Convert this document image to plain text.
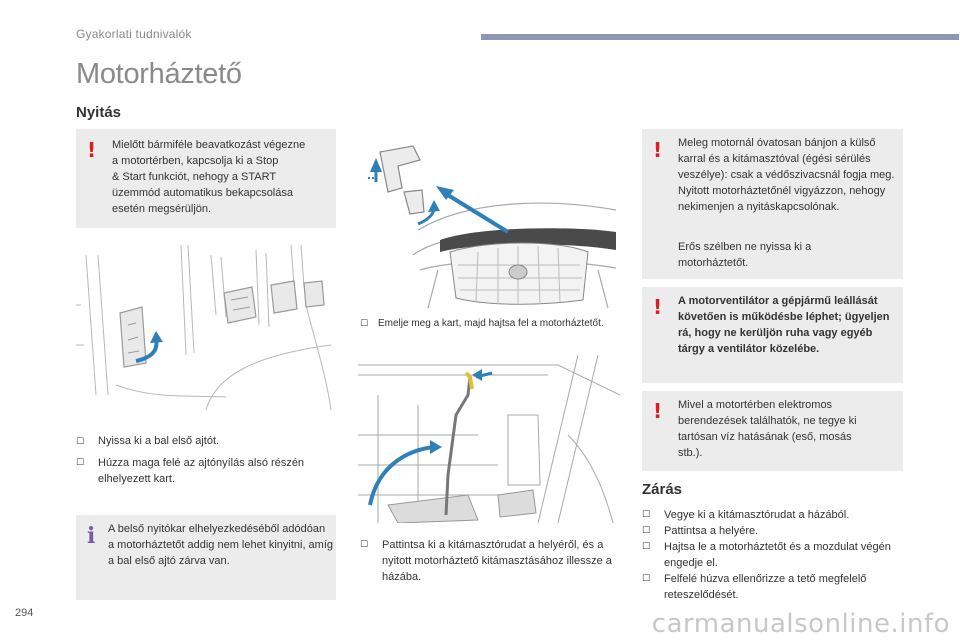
Gyakorlati tudnivalók
Motorháztető
Nyitás
! Mielőtt bármiféle beavatkozást végezne
a motortérben, kapcsolja ki a Stop
& Start funkciót, nehogy a START
üzemmód automatikus bekapcsolása
esetén megsérüljön.
☐ Nyissa ki a bal első ajtót.
☐	Húzza maga felé az ajtónyílás alsó részén elhelyezett kart.
i A belső nyitókar elhelyezkedéséből adódóan a motorháztetőt addig nem lehet kinyitni, amíg a bal első ajtó zárva van.
☐ Emelje meg a kart, majd hajtsa fel a motorháztetőt.
☐	Pattintsa ki a kitámasztórudat a helyéről, és a nyitott motorháztető kitámasztásához illessze a házába.
! Meleg motornál óvatosan bánjon a külső karral és a kitámasztóval (égési sérülés veszélye): csak a védőszivacsnál fogja meg.
Nyitott motorháztetőnél vigyázzon, nehogy nekimenjen a nyitáskapcsolónak.
Erős szélben ne nyissa ki a motorháztetőt.
! A motorventilátor a gépjármű leállását követően is működésbe léphet; ügyeljen rá, hogy ne kerüljön ruha vagy egyéb tárgy a ventilátor közelébe.
! Mivel a motortérben elektromos berendezések találhatók, ne tegye ki tartósan víz hatásának (eső, mosás stb.).
Zárás
☐	Vegye ki a kitámasztórudat a házából.
☐	Pattintsa a helyére.
☐	Hajtsa le a motorháztetőt és a mozdulat végén engedje el.
☐	Felfelé húzva ellenőrizze a tető megfelelő reteszelődését.
294	carmanualsonline.info
